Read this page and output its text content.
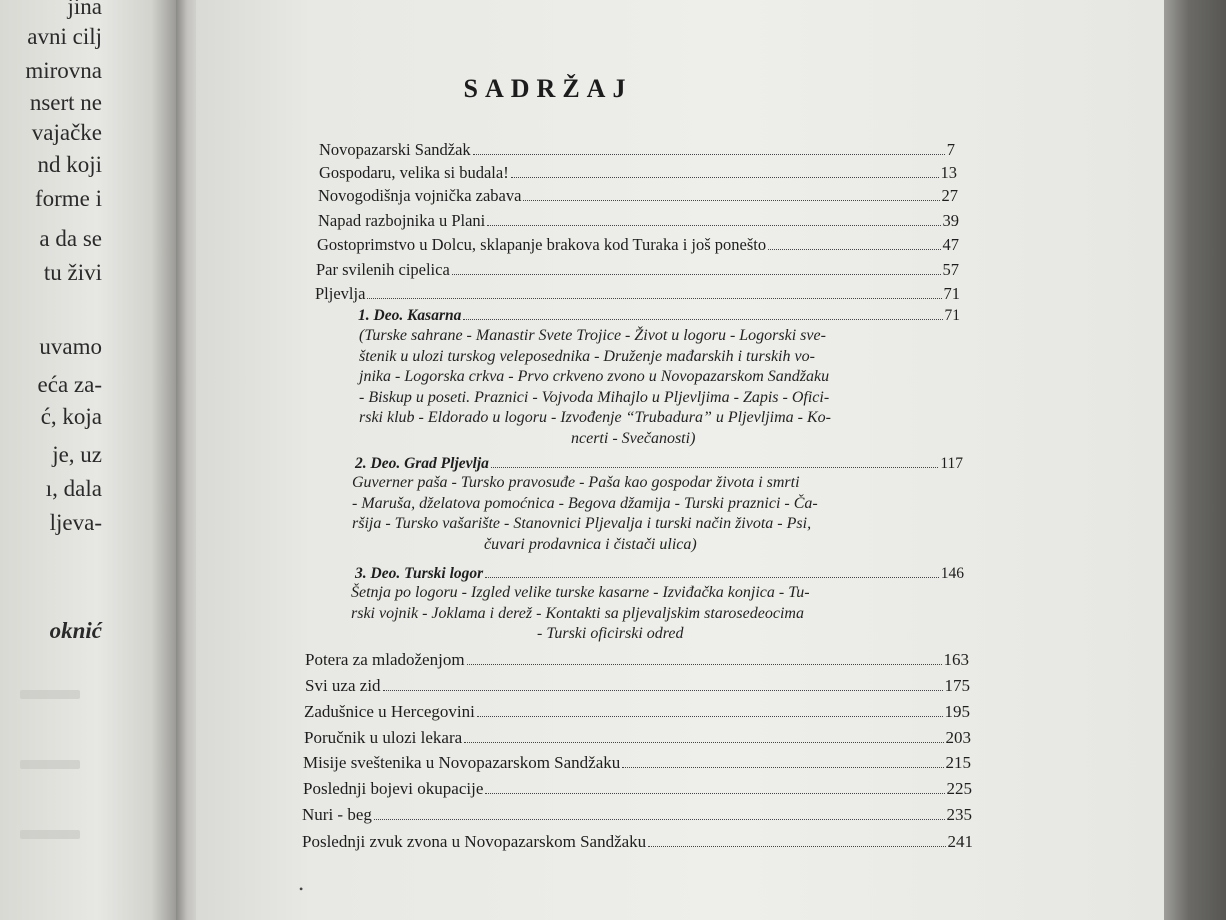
jina
avni cilj
mirovna
nsert ne
vajačke
nd koji
forme i
a da se
tu živi
uvamo
eća za-
ć, koja
je, uz
ı, dala
ljeva-
oknić
SADRŽAJ
Novopazarski Sandžak	7
Gospodaru, velika si budala!	13
Novogodišnja vojnička zabava	27
Napad razbojnika u Plani	39
Gostoprimstvo u Dolcu, sklapanje brakova kod Turaka i još ponešto	47
Par svilenih cipelica	57
Pljevlja	71
1. Deo. Kasarna	71
(Turske sahrane - Manastir Svete Trojice - Život u logoru - Logorski sve-
štenik u ulozi turskog veleposednika - Druženje mađarskih i turskih vo-
jnika - Logorska crkva - Prvo crkveno zvono u Novopazarskom Sandžaku
- Biskup u poseti. Praznici - Vojvoda Mihajlo u Pljevljima - Zapis - Ofici-
rski klub - Eldorado u logoru - Izvođenje “Trubadura” u Pljevljima - Ko-
ncerti - Svečanosti)
2. Deo. Grad Pljevlja	117
Guverner paša - Tursko pravosuđe - Paša kao gospodar života i smrti
- Maruša, dželatova pomoćnica - Begova džamija - Turski praznici - Ča-
ršija - Tursko vašarište - Stanovnici Pljevalja i turski način života - Psi,
čuvari prodavnica i čistači ulica)
3. Deo. Turski logor	146
Šetnja po logoru - Izgled velike turske kasarne - Izviđačka konjica - Tu-
rski vojnik - Joklama i derež - Kontakti sa pljevaljskim starosedeocima
- Turski oficirski odred
Potera za mladoženjom	163
Svi uza zid	175
Zadušnice u Hercegovini	195
Poručnik u ulozi lekara	203
Misije sveštenika u Novopazarskom Sandžaku	215
Poslednji bojevi okupacije	225
Nuri - beg	235
Poslednji zvuk zvona u Novopazarskom Sandžaku	241
•
